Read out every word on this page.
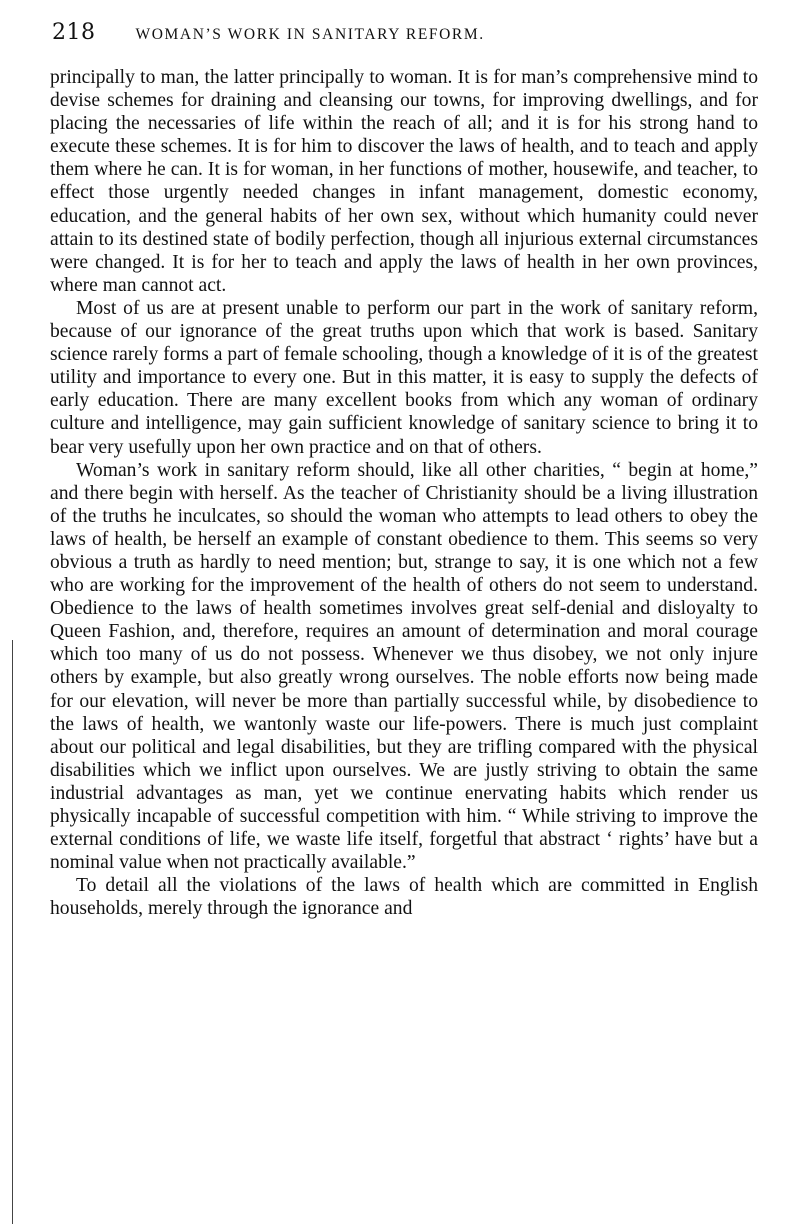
218	WOMAN’S WORK IN SANITARY REFORM.

principally to man, the latter principally to woman. It is for man’s comprehensive mind to devise schemes for draining and cleansing our towns, for improving dwellings, and for placing the necessaries of life within the reach of all; and it is for his strong hand to execute these schemes. It is for him to discover the laws of health, and to teach and apply them where he can. It is for woman, in her functions of mother, housewife, and teacher, to effect those urgently needed changes in infant management, domestic economy, education, and the general habits of her own sex, without which humanity could never attain to its destined state of bodily perfection, though all injurious external circumstances were changed. It is for her to teach and apply the laws of health in her own provinces, where man cannot act.

Most of us are at present unable to perform our part in the work of sanitary reform, because of our ignorance of the great truths upon which that work is based. Sanitary science rarely forms a part of female schooling, though a knowledge of it is of the greatest utility and importance to every one. But in this matter, it is easy to supply the defects of early education. There are many excellent books from which any woman of ordinary culture and intelligence, may gain sufficient knowledge of sanitary science to bring it to bear very usefully upon her own practice and on that of others.

Woman’s work in sanitary reform should, like all other charities, “ begin at home,” and there begin with herself. As the teacher of Christianity should be a living illustration of the truths he inculcates, so should the woman who attempts to lead others to obey the laws of health, be herself an example of constant obedience to them. This seems so very obvious a truth as hardly to need mention; but, strange to say, it is one which not a few who are working for the improvement of the health of others do not seem to understand. Obedience to the laws of health sometimes involves great self-denial and disloyalty to Queen Fashion, and, therefore, requires an amount of determination and moral courage which too many of us do not possess. Whenever we thus disobey, we not only injure others by example, but also greatly wrong ourselves. The noble efforts now being made for our elevation, will never be more than partially successful while, by disobedience to the laws of health, we wantonly waste our life-powers. There is much just complaint about our political and legal disabilities, but they are trifling compared with the physical disabilities which we inflict upon ourselves. We are justly striving to obtain the same industrial advantages as man, yet we continue enervating habits which render us physically incapable of successful competition with him. “ While striving to improve the external conditions of life, we waste life itself, forgetful that abstract ‘ rights’ have but a nominal value when not practically available.”

To detail all the violations of the laws of health which are committed in English households, merely through the ignorance and
